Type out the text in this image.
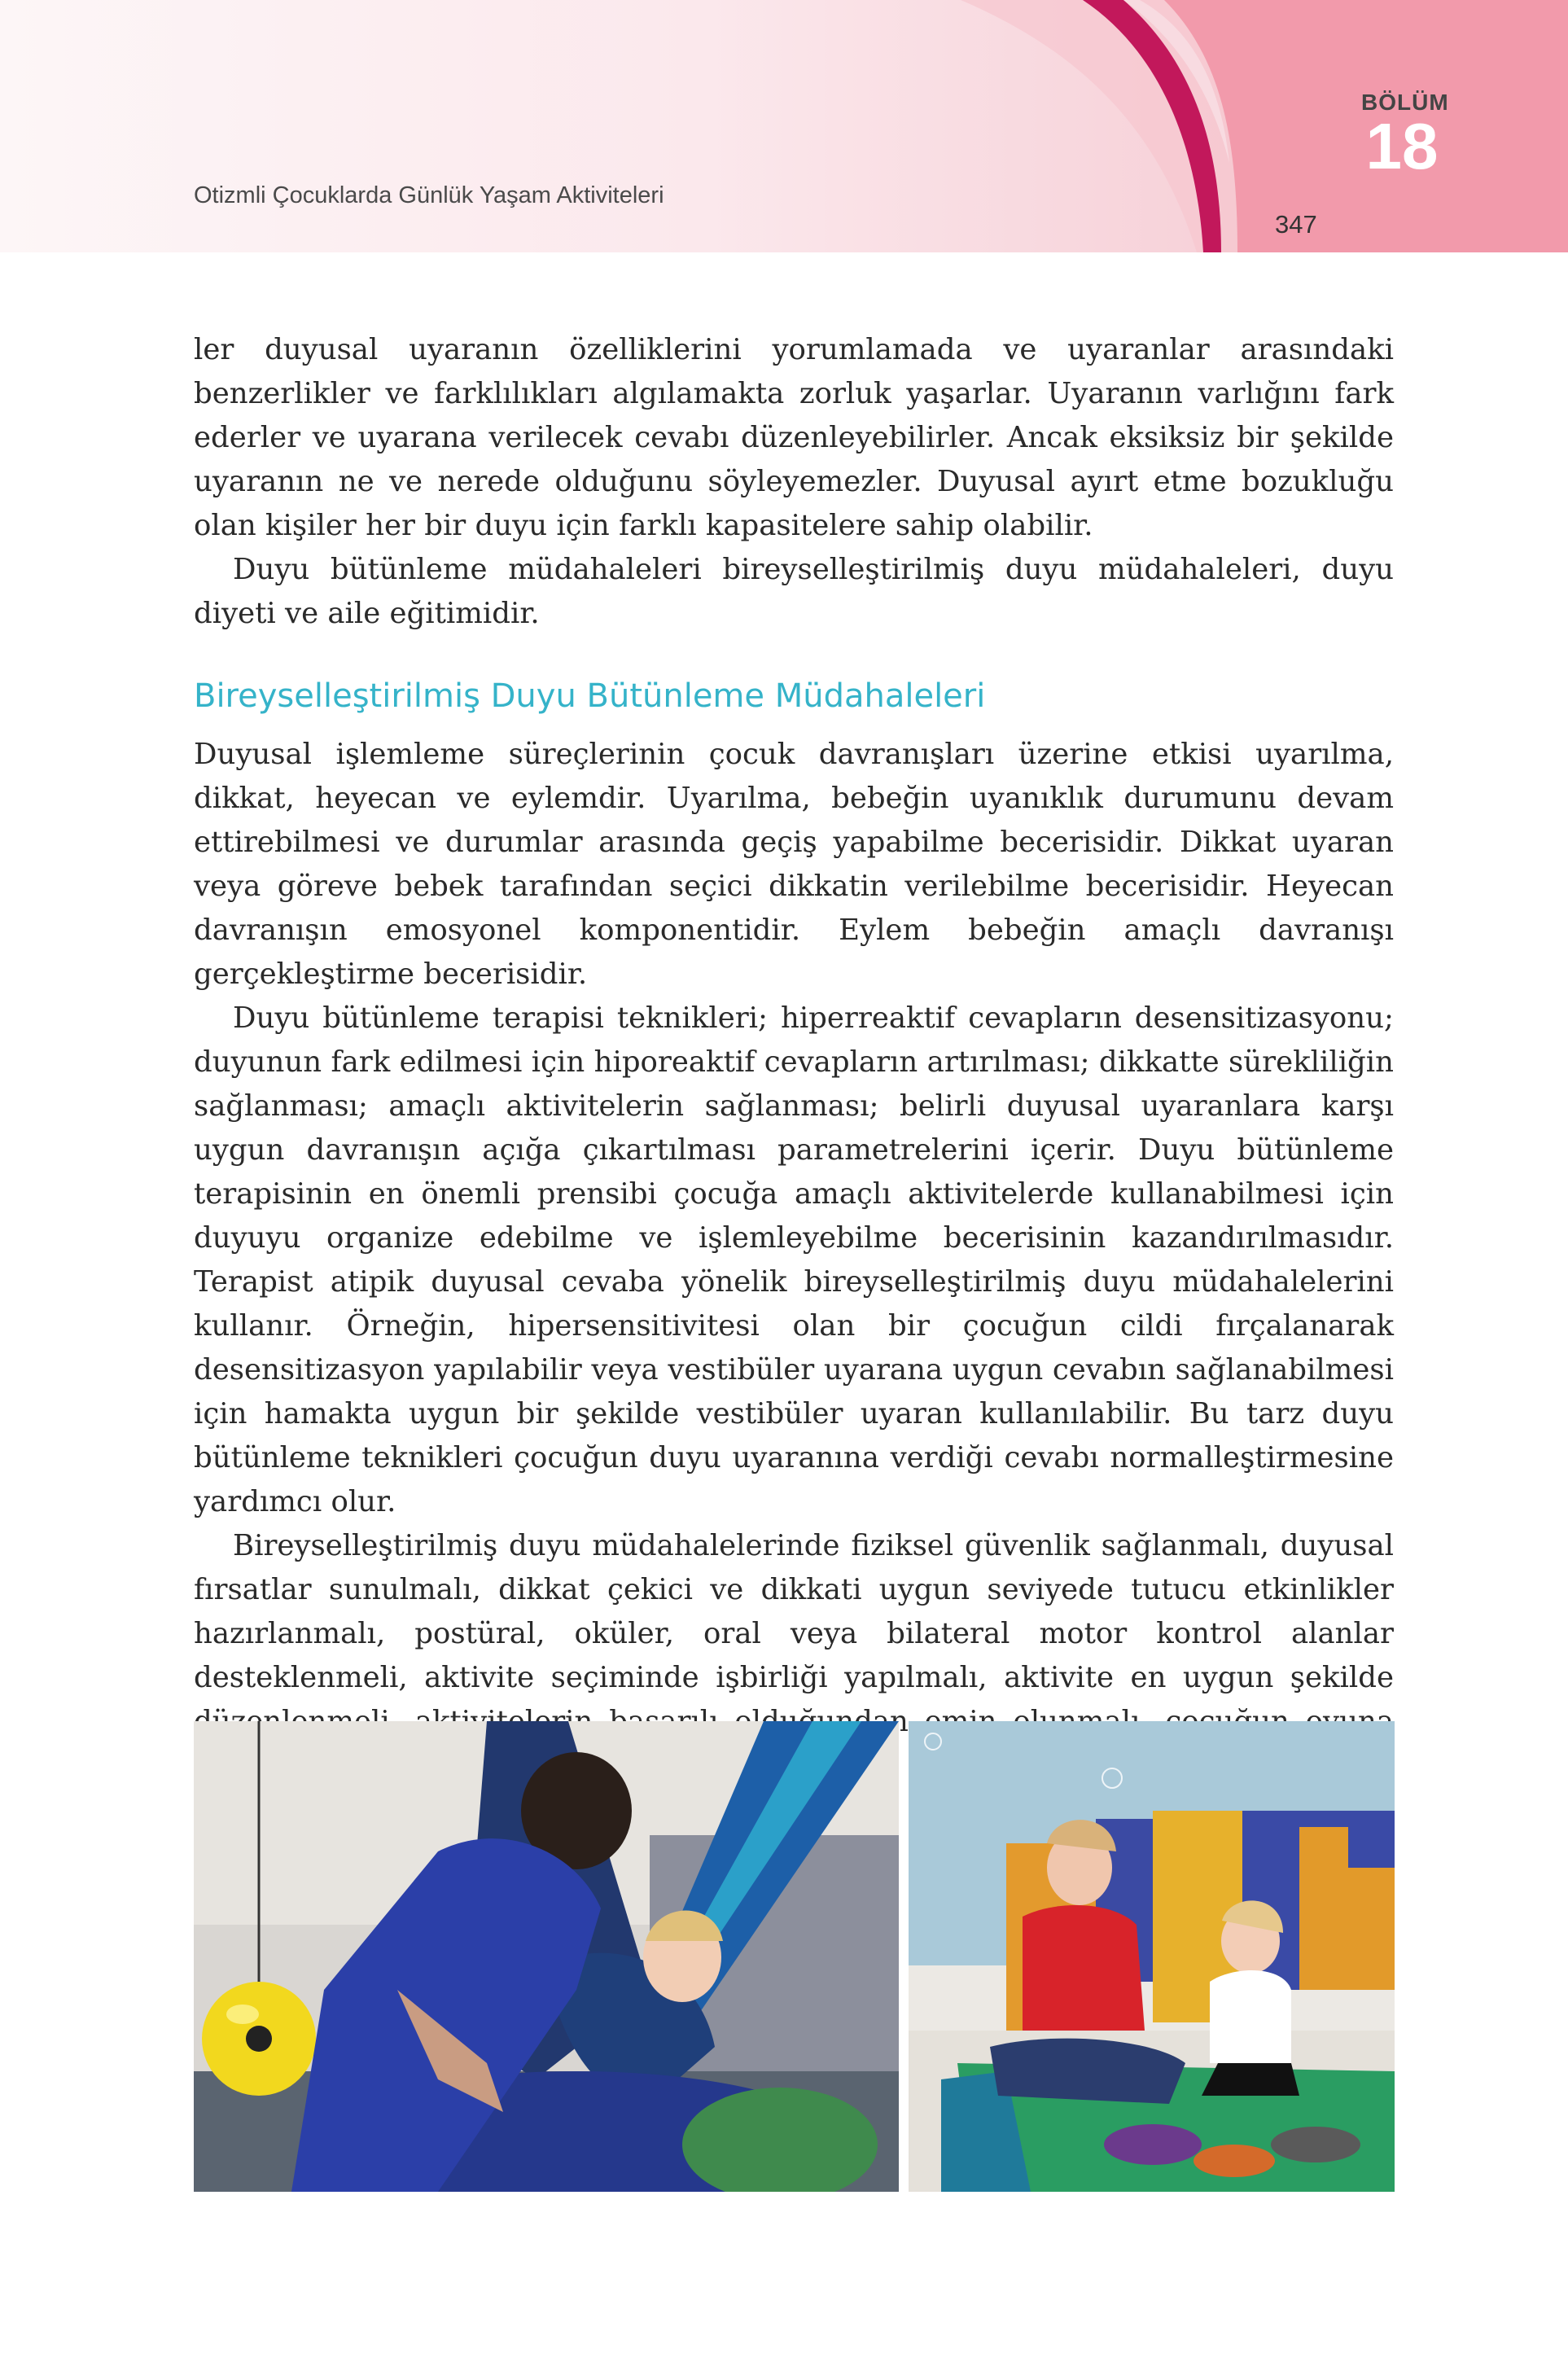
Otizmli Çocuklarda Günlük Yaşam Aktiviteleri
347
BÖLÜM
18

ler duyusal uyaranın özelliklerini yorumlamada ve uyaranlar arasındaki benzerlikler ve farklılıkları algılamakta zorluk yaşarlar. Uyaranın varlığını fark ederler ve uyarana verilecek cevabı düzenleyebilirler. Ancak eksiksiz bir şekilde uyaranın ne ve nerede olduğunu söyleyemezler. Duyusal ayırt etme bozukluğu olan kişiler her bir duyu için farklı kapasitelere sahip olabilir.

Duyu bütünleme müdahaleleri bireyselleştirilmiş duyu müdahaleleri, duyu diyeti ve aile eğitimidir.

Bireyselleştirilmiş Duyu Bütünleme Müdahaleleri

Duyusal işlemleme süreçlerinin çocuk davranışları üzerine etkisi uyarılma, dikkat, heyecan ve eylemdir. Uyarılma, bebeğin uyanıklık durumunu devam ettirebilmesi ve durumlar arasında geçiş yapabilme becerisidir. Dikkat uyaran veya göreve bebek tarafından seçici dikkatin verilebilme becerisidir. Heyecan davranışın emosyonel komponentidir. Eylem bebeğin amaçlı davranışı gerçekleştirme becerisidir.

Duyu bütünleme terapisi teknikleri; hiperreaktif cevapların desensitizasyonu; duyunun fark edilmesi için hiporeaktif cevapların artırılması; dikkatte sürekliliğin sağlanması; amaçlı aktivitelerin sağlanması; belirli duyusal uyaranlara karşı uygun davranışın açığa çıkartılması parametrelerini içerir. Duyu bütünleme terapisinin en önemli prensibi çocuğa amaçlı aktivitelerde kullanabilmesi için duyuyu organize edebilme ve işlemleyebilme becerisinin kazandırılmasıdır. Terapist atipik duyusal cevaba yönelik bireyselleştirilmiş duyu müdahalelerini kullanır. Örneğin, hipersensitivitesi olan bir çocuğun cildi fırçalanarak desensitizasyon yapılabilir veya vestibüler uyarana uygun cevabın sağlanabilmesi için hamakta uygun bir şekilde vestibüler uyaran kullanılabilir. Bu tarz duyu bütünleme teknikleri çocuğun duyu uyaranına verdiği cevabı normalleştirmesine yardımcı olur.

Bireyselleştirilmiş duyu müdahalelerinde fiziksel güvenlik sağlanmalı, duyusal fırsatlar sunulmalı, dikkat çekici ve dikkati uygun seviyede tutucu etkinlikler hazırlanmalı, postüral, oküler, oral veya bilateral motor kontrol alanlar desteklenmeli, aktivite seçiminde işbirliği yapılmalı, aktivite en uygun şekilde
